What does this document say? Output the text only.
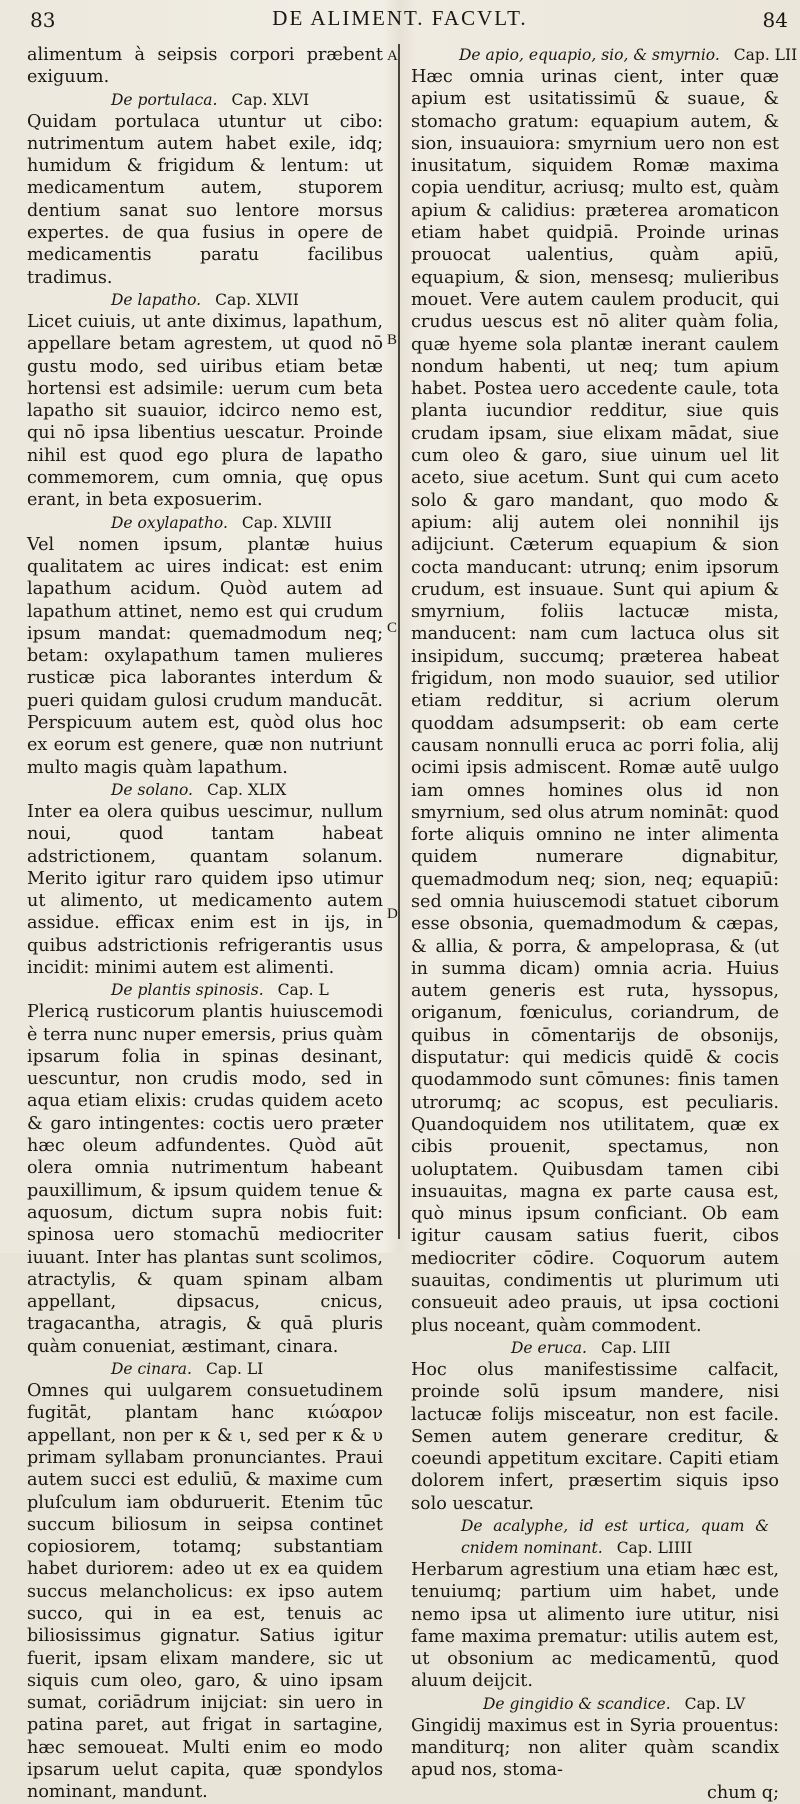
83	DE ALIMENT. FACVLT.	84
A
B
C
D

alimentum à seipsis corpori præbent exiguum.

De portulaca. Cap. XLVI

Quidam portulaca utuntur ut cibo: nutrimentum autem habet exile, idq; humidum & frigidum & lentum: ut medicamentum autem, stuporem dentium sanat suo lentore morsus expertes. de qua fusius in opere de medicamentis paratu facilibus tradimus.

De lapatho. Cap. XLVII

Licet cuiuis, ut ante diximus, lapathum, appellare betam agrestem, ut quod nō gustu modo, sed uiribus etiam betæ hortensi est adsimile: uerum cum beta lapatho sit suauior, idcirco nemo est, qui nō ipsa libentius uescatur. Proinde nihil est quod ego plura de lapatho commemorem, cum omnia, quę opus erant, in beta exposuerim.

De oxylapatho. Cap. XLVIII

Vel nomen ipsum, plantæ huius qualitatem ac uires indicat: est enim lapathum acidum. Quòd autem ad lapathum attinet, nemo est qui crudum ipsum mandat: quemadmodum neq; betam: oxylapathum tamen mulieres rusticæ pica laborantes interdum & pueri quidam gulosi crudum manducāt. Perspicuum autem est, quòd olus hoc ex eorum est genere, quæ non nutriunt multo magis quàm lapathum.

De solano. Cap. XLIX

Inter ea olera quibus uescimur, nullum noui, quod tantam habeat adstrictionem, quantam solanum. Merito igitur raro quidem ipso utimur ut alimento, ut medicamento autem assidue. efficax enim est in ijs, in quibus adstrictionis refrigerantis usus incidit: minimi autem est alimenti.

De plantis spinosis. Cap. L

Plericą rusticorum plantis huiuscemodi è terra nunc nuper emersis, prius quàm ipsarum folia in spinas desinant, uescuntur, non crudis modo, sed in aqua etiam elixis: crudas quidem aceto & garo intingentes: coctis uero præter hæc oleum adfundentes. Quòd aūt olera omnia nutrimentum habeant pauxillimum, & ipsum quidem tenue & aquosum, dictum supra nobis fuit: spinosa uero stomachū mediocriter iuuant. Inter has plantas sunt scolimos, atractylis, & quam spinam albam appellant, dipsacus, cnicus, tragacantha, atragis, & quā pluris quàm conueniat, æstimant, cinara.

De cinara. Cap. LI

Omnes qui uulgarem consuetudinem fugitāt, plantam hanc κιώαρον appellant, non per κ & ι, sed per κ & υ primam syllabam pronunciantes. Praui autem succi est eduliū, & maxime cum pluſculum iam obduruerit. Etenim tūc succum biliosum in seipsa continet copiosiorem, totamq; substantiam habet duriorem: adeo ut ex ea quidem succus melancholicus: ex ipso autem succo, qui in ea est, tenuis ac biliosissimus gignatur. Satius igitur fuerit, ipsam elixam mandere, sic ut siquis cum oleo, garo, & uino ipsam sumat, coriādrum inijciat: sin uero in patina paret, aut frigat in sartagine, hæc semoueat. Multi enim eo modo ipsarum uelut capita, quæ spondylos nominant, mandunt.

De apio, equapio, sio, & smyrnio. Cap. LII

Hæc omnia urinas cient, inter quæ apium est usitatissimū & suaue, & stomacho gratum: equapium autem, & sion, insuauiora: smyrnium uero non est inusitatum, siquidem Romæ maxima copia uenditur, acriusq; multo est, quàm apium & calidius: præterea aromaticon etiam habet quidpiā. Proinde urinas prouocat ualentius, quàm apiū, equapium, & sion, mensesq; mulieribus mouet. Vere autem caulem producit, qui crudus uescus est nō aliter quàm folia, quæ hyeme sola plantæ inerant caulem nondum habenti, ut neq; tum apium habet. Postea uero accedente caule, tota planta iucundior redditur, siue quis crudam ipsam, siue elixam mādat, siue cum oleo & garo, siue uinum uel lit aceto, siue acetum. Sunt qui cum aceto solo & garo mandant, quo modo & apium: alij autem olei nonnihil ijs adijciunt. Cæterum equapium & sion cocta manducant: utrunq; enim ipsorum crudum, est insuaue. Sunt qui apium & smyrnium, foliis lactucæ mista, manducent: nam cum lactuca olus sit insipidum, succumq; præterea habeat frigidum, non modo suauior, sed utilior etiam redditur, si acrium olerum quoddam adsumpserit: ob eam certe causam nonnulli eruca ac porri folia, alij ocimi ipsis admiscent. Romæ autē uulgo iam omnes homines olus id non smyrnium, sed olus atrum nomināt: quod forte aliquis omnino ne inter alimenta quidem numerare dignabitur, quemadmodum neq; sion, neq; equapiū: sed omnia huiuscemodi statuet ciborum esse obsonia, quemadmodum & cæpas, & allia, & porra, & ampeloprasa, & (ut in summa dicam) omnia acria. Huius autem generis est ruta, hyssopus, origanum, fœniculus, coriandrum, de quibus in cōmentarijs de obsonijs, disputatur: qui medicis quidē & cocis quodammodo sunt cōmunes: finis tamen utrorumq; ac scopus, est peculiaris. Quandoquidem nos utilitatem, quæ ex cibis prouenit, spectamus, non uoluptatem. Quibusdam tamen cibi insuauitas, magna ex parte causa est, quò minus ipsum conficiant. Ob eam igitur causam satius fuerit, cibos mediocriter cōdire. Coquorum autem suauitas, condimentis ut plurimum uti consueuit adeo prauis, ut ipsa coctioni plus noceant, quàm commodent.

De eruca. Cap. LIII

Hoc olus manifestissime calfacit, proinde solū ipsum mandere, nisi lactucæ folijs misceatur, non est facile. Semen autem generare creditur, & coeundi appetitum excitare. Capiti etiam dolorem infert, præsertim siquis ipso solo uescatur.

De acalyphe, id est urtica, quam & cnidem nominant. Cap. LIIII

Herbarum agrestium una etiam hæc est, tenuiumq; partium uim habet, unde nemo ipsa ut alimento iure utitur, nisi fame maxima prematur: utilis autem est, ut obsonium ac medicamentū, quod aluum deijcit.

De gingidio & scandice. Cap. LV

Gingidij maximus est in Syria prouentus: manditurq; non aliter quàm scandix apud nos, stoma-

chum q;
